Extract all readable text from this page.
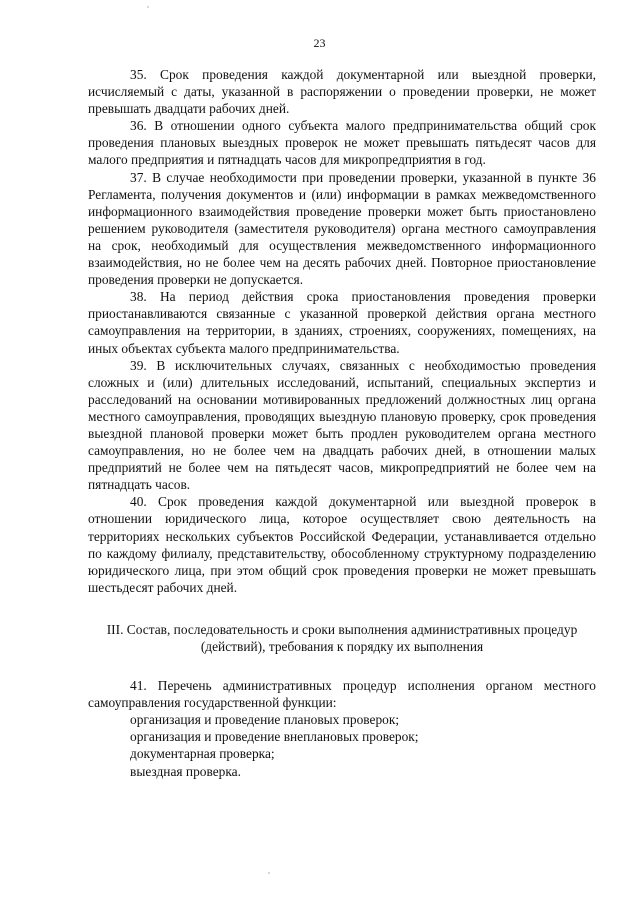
23

35. Срок проведения каждой документарной или выездной проверки, исчисляемый с даты, указанной в распоряжении о проведении проверки, не может превышать двадцати рабочих дней.

36. В отношении одного субъекта малого предпринимательства общий срок проведения плановых выездных проверок не может превышать пятьдесят часов для малого предприятия и пятнадцать часов для микропредприятия в год.

37. В случае необходимости при проведении проверки, указанной в пункте 36 Регламента, получения документов и (или) информации в рамках межведомственного информационного взаимодействия проведение проверки может быть приостановлено решением руководителя (заместителя руководителя) органа местного самоуправления на срок, необходимый для осуществления межведомственного информационного взаимодействия, но не более чем на десять рабочих дней. Повторное приостановление проведения проверки не допускается.

38. На период действия срока приостановления проведения проверки приостанавливаются связанные с указанной проверкой действия органа местного самоуправления на территории, в зданиях, строениях, сооружениях, помещениях, на иных объектах субъекта малого предпринимательства.

39. В исключительных случаях, связанных с необходимостью проведения сложных и (или) длительных исследований, испытаний, специальных экспертиз и расследований на основании мотивированных предложений должностных лиц органа местного самоуправления, проводящих выездную плановую проверку, срок проведения выездной плановой проверки может быть продлен руководителем органа местного самоуправления, но не более чем на двадцать рабочих дней, в отношении малых предприятий не более чем на пятьдесят часов, микропредприятий не более чем на пятнадцать часов.

40. Срок проведения каждой документарной или выездной проверок в отношении юридического лица, которое осуществляет свою деятельность на территориях нескольких субъектов Российской Федерации, устанавливается отдельно по каждому филиалу, представительству, обособленному структурному подразделению юридического лица, при этом общий срок проведения проверки не может превышать шестьдесят рабочих дней.

III. Состав, последовательность и сроки выполнения административных процедур (действий), требования к порядку их выполнения

41. Перечень административных процедур исполнения органом местного самоуправления государственной функции:

организация и проведение плановых проверок;
организация и проведение внеплановых проверок;
документарная проверка;
выездная проверка.
